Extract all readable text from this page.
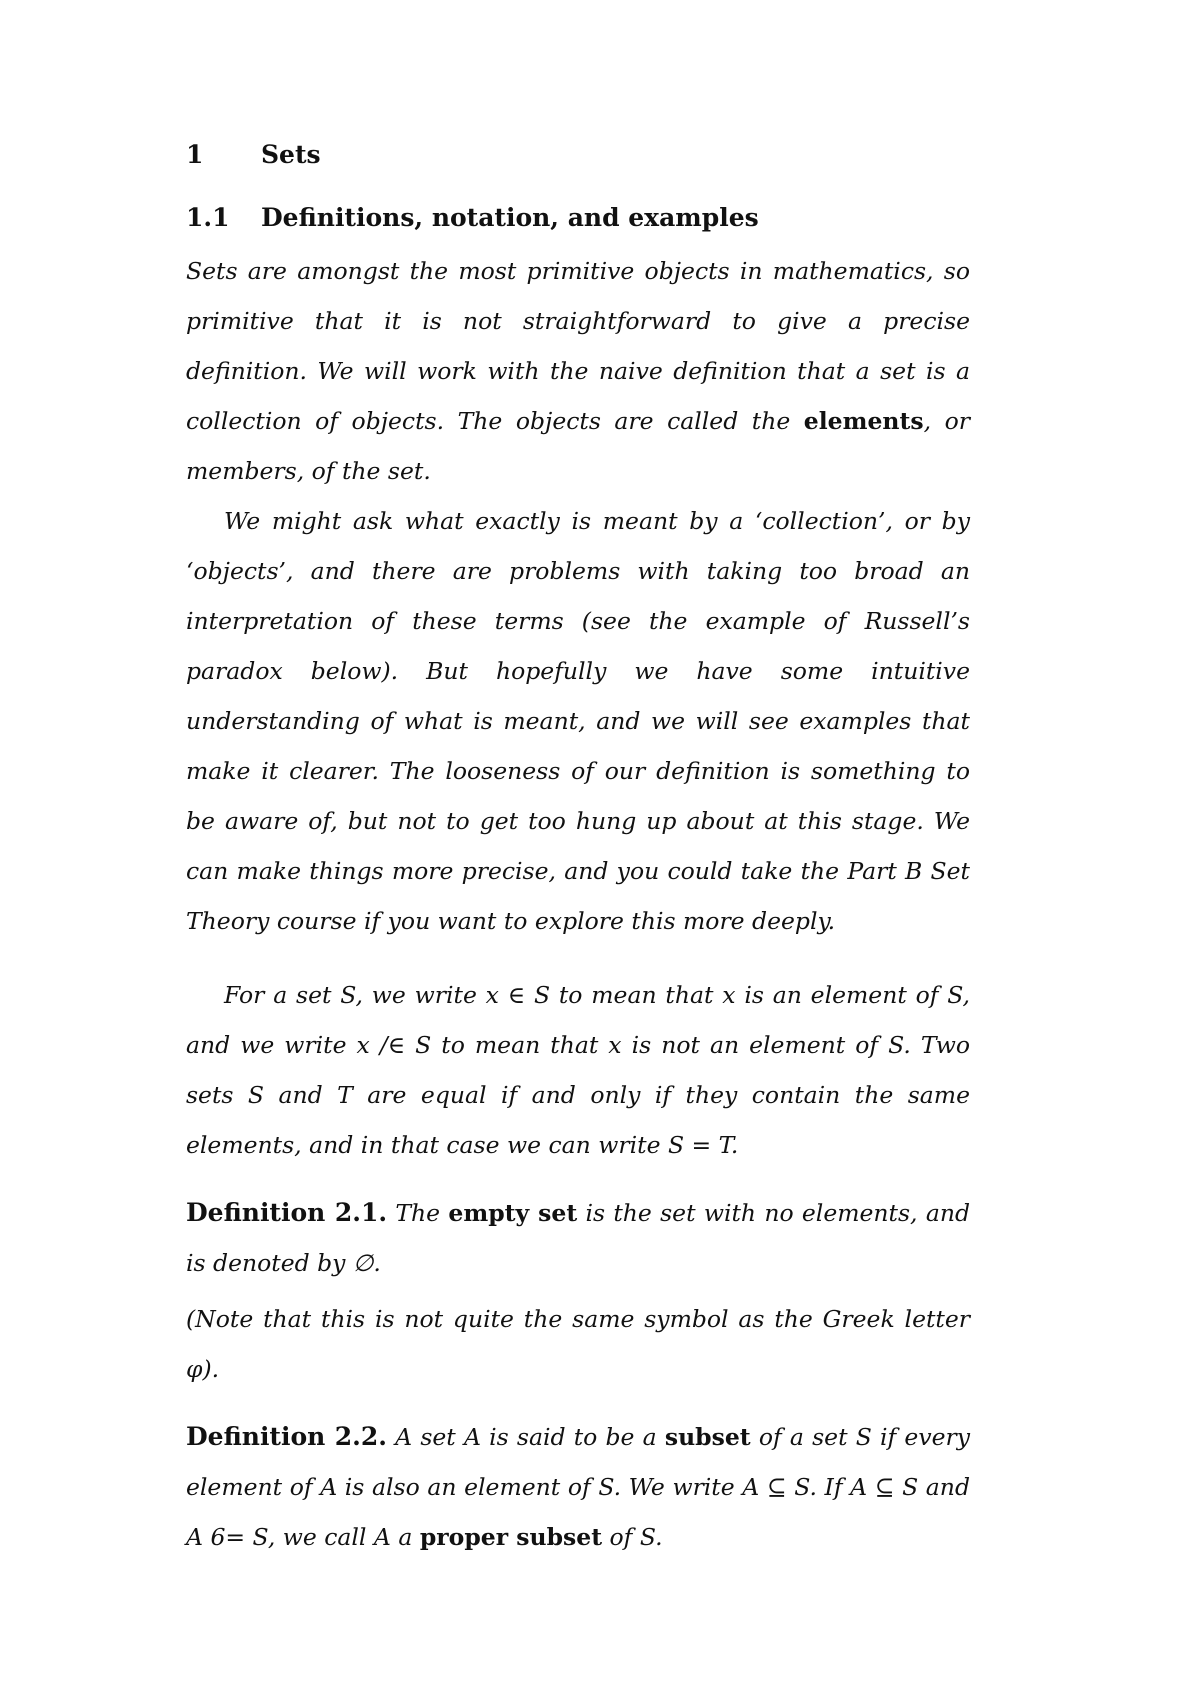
1 Sets
1.1 Definitions, notation, and examples

Sets are amongst the most primitive objects in mathematics, so primitive that it is not straightforward to give a precise definition. We will work with the naive definition that a set is a collection of objects. The objects are called the elements, or members, of the set.

We might ask what exactly is meant by a ‘collection’, or by ‘objects’, and there are problems with taking too broad an interpretation of these terms (see the example of Russell’s paradox below). But hopefully we have some intuitive understanding of what is meant, and we will see examples that make it clearer. The looseness of our definition is something to be aware of, but not to get too hung up about at this stage. We can make things more precise, and you could take the Part B Set Theory course if you want to explore this more deeply.

For a set S, we write x ∈ S to mean that x is an element of S, and we write x /∈ S to mean that x is not an element of S. Two sets S and T are equal if and only if they contain the same elements, and in that case we can write S = T.

Definition 2.1. The empty set is the set with no elements, and is denoted by ∅.

(Note that this is not quite the same symbol as the Greek letter φ).

Definition 2.2. A set A is said to be a subset of a set S if every element of A is also an element of S. We write A ⊆ S. If A ⊆ S and A 6= S, we call A a proper subset of S.
